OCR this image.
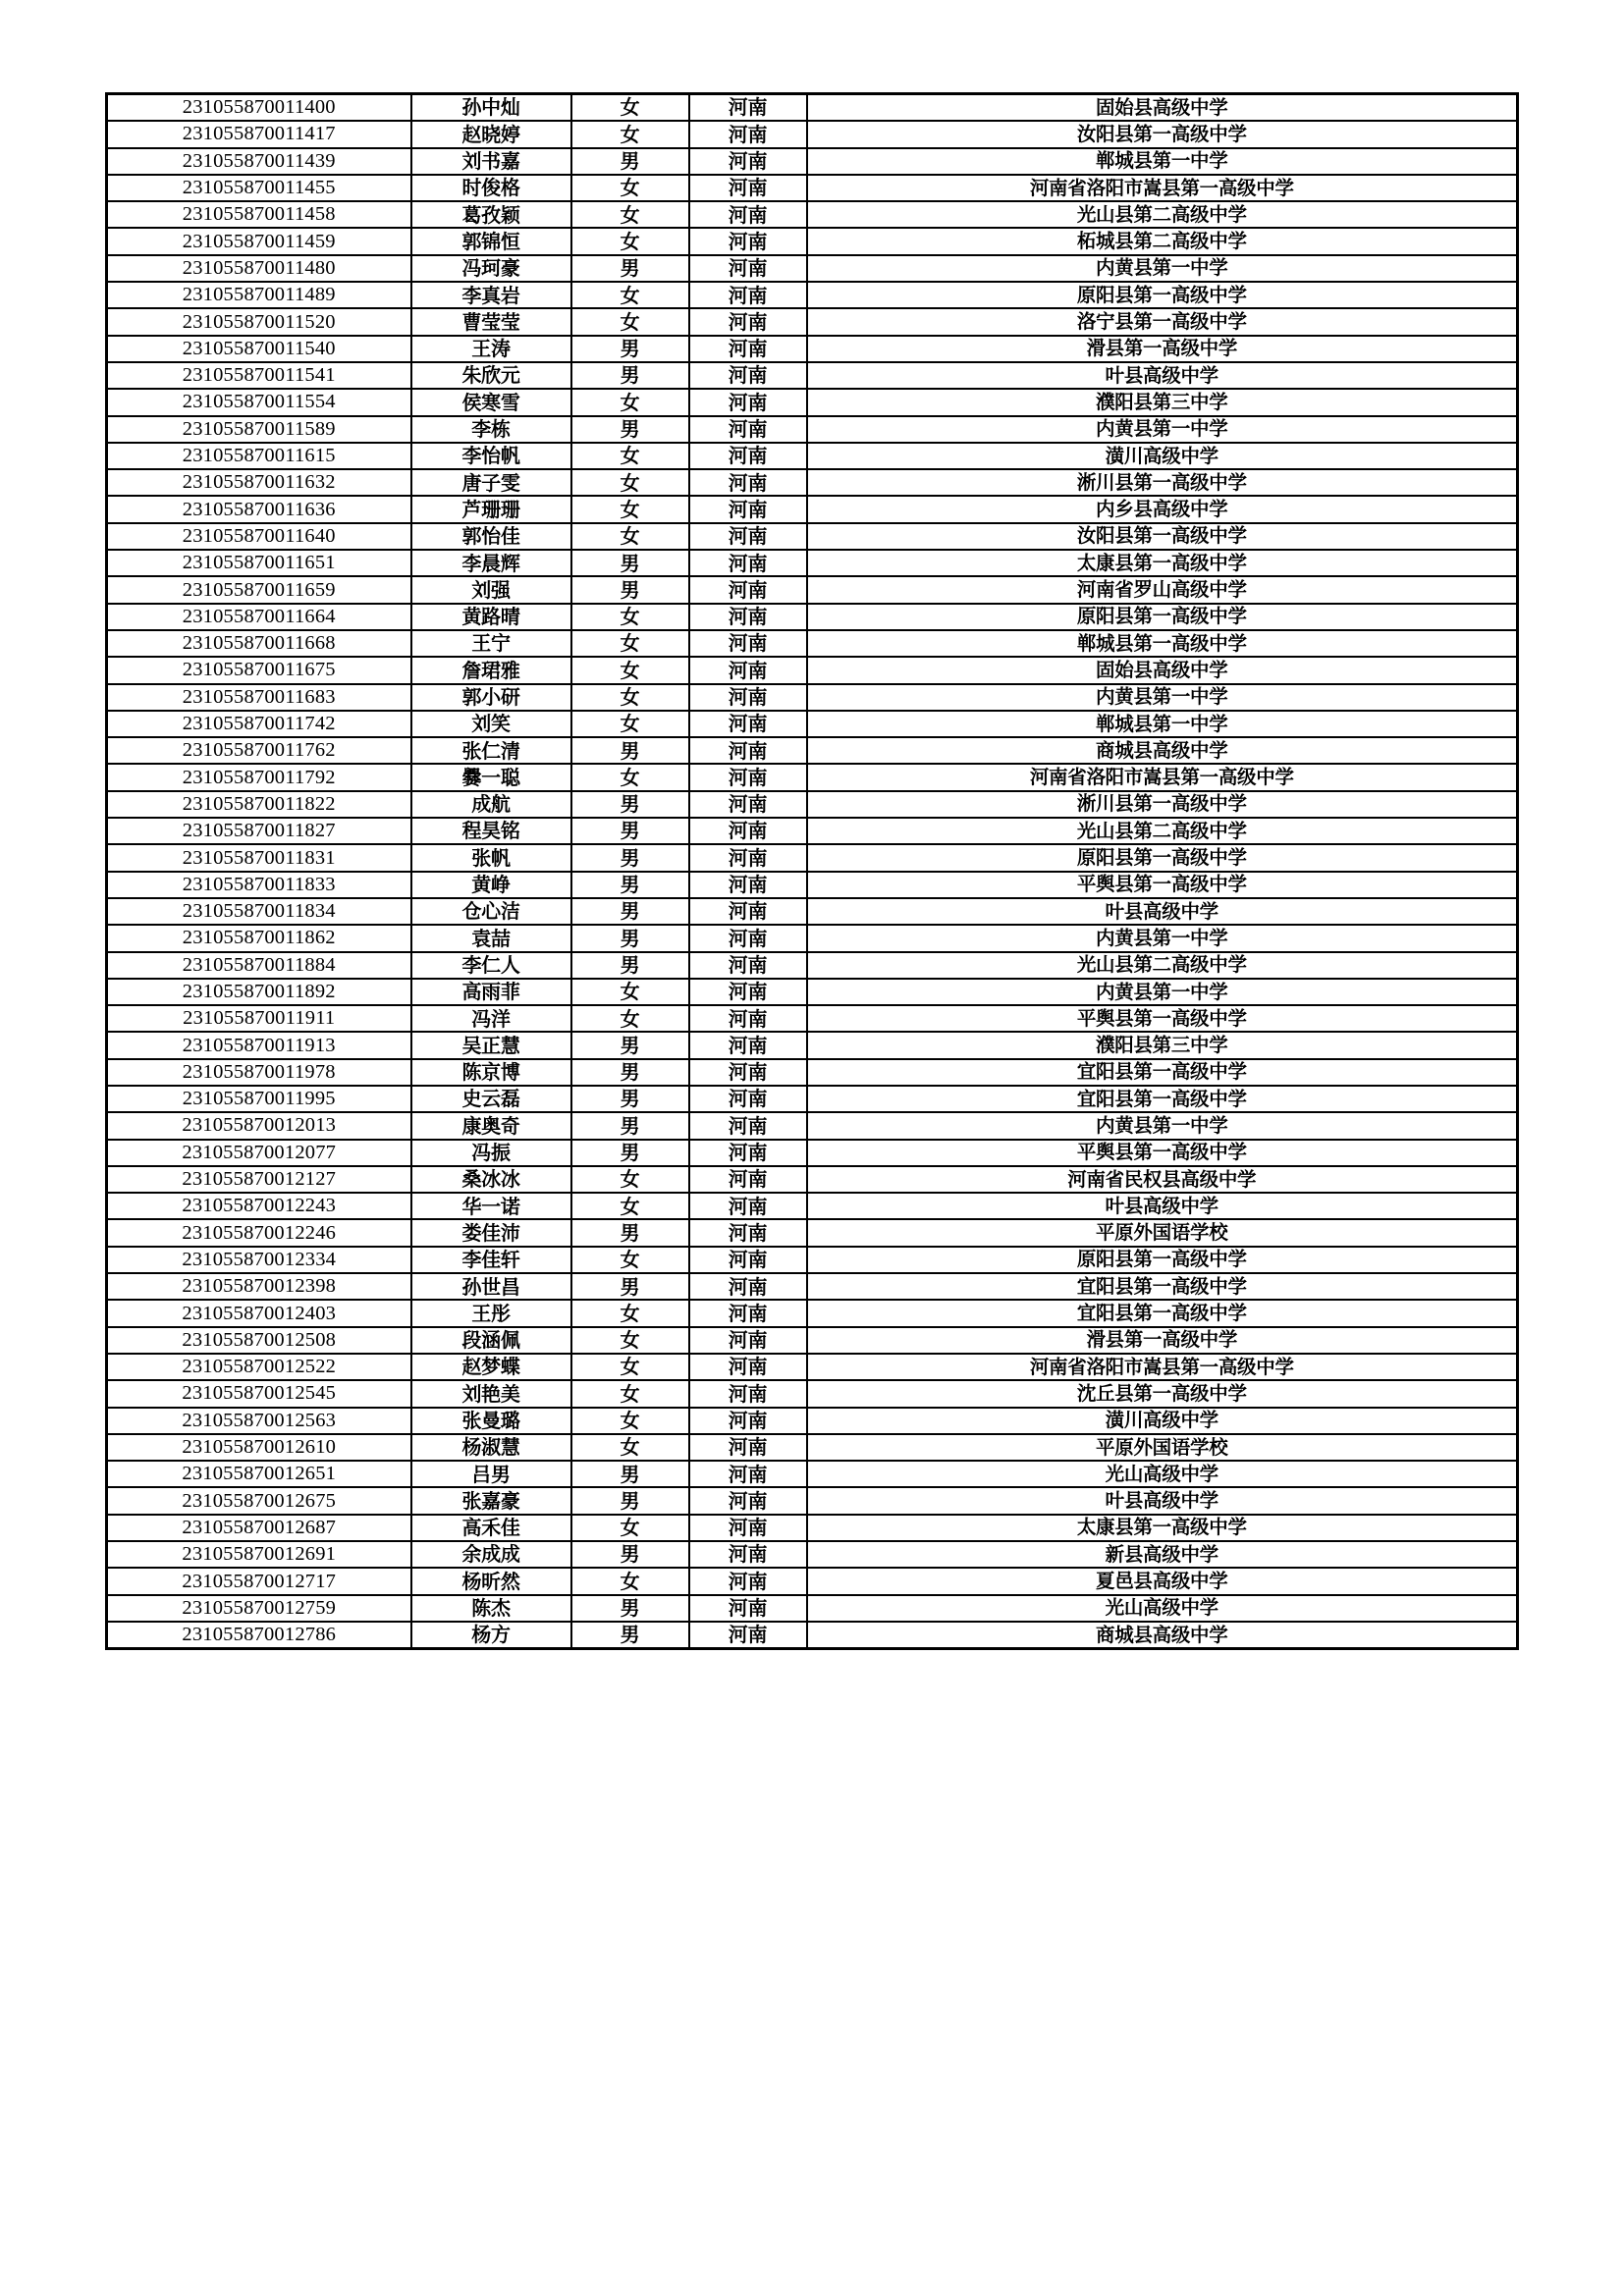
231055870011400	孙中灿	女	河南	固始县高级中学
231055870011417	赵晓婷	女	河南	汝阳县第一高级中学
231055870011439	刘书嘉	男	河南	郸城县第一中学
231055870011455	时俊格	女	河南	河南省洛阳市嵩县第一高级中学
231055870011458	葛孜颖	女	河南	光山县第二高级中学
231055870011459	郭锦恒	女	河南	柘城县第二高级中学
231055870011480	冯珂豪	男	河南	内黄县第一中学
231055870011489	李真岩	女	河南	原阳县第一高级中学
231055870011520	曹莹莹	女	河南	洛宁县第一高级中学
231055870011540	王涛	男	河南	滑县第一高级中学
231055870011541	朱欣元	男	河南	叶县高级中学
231055870011554	侯寒雪	女	河南	濮阳县第三中学
231055870011589	李栋	男	河南	内黄县第一中学
231055870011615	李怡帆	女	河南	潢川高级中学
231055870011632	唐子雯	女	河南	淅川县第一高级中学
231055870011636	芦珊珊	女	河南	内乡县高级中学
231055870011640	郭怡佳	女	河南	汝阳县第一高级中学
231055870011651	李晨辉	男	河南	太康县第一高级中学
231055870011659	刘强	男	河南	河南省罗山高级中学
231055870011664	黄路晴	女	河南	原阳县第一高级中学
231055870011668	王宁	女	河南	郸城县第一高级中学
231055870011675	詹珺雅	女	河南	固始县高级中学
231055870011683	郭小研	女	河南	内黄县第一中学
231055870011742	刘笑	女	河南	郸城县第一中学
231055870011762	张仁清	男	河南	商城县高级中学
231055870011792	爨一聪	女	河南	河南省洛阳市嵩县第一高级中学
231055870011822	成航	男	河南	淅川县第一高级中学
231055870011827	程昊铭	男	河南	光山县第二高级中学
231055870011831	张帆	男	河南	原阳县第一高级中学
231055870011833	黄峥	男	河南	平舆县第一高级中学
231055870011834	仓心洁	男	河南	叶县高级中学
231055870011862	袁喆	男	河南	内黄县第一中学
231055870011884	李仁人	男	河南	光山县第二高级中学
231055870011892	高雨菲	女	河南	内黄县第一中学
231055870011911	冯洋	女	河南	平舆县第一高级中学
231055870011913	吴正慧	男	河南	濮阳县第三中学
231055870011978	陈京博	男	河南	宜阳县第一高级中学
231055870011995	史云磊	男	河南	宜阳县第一高级中学
231055870012013	康奥奇	男	河南	内黄县第一中学
231055870012077	冯振	男	河南	平舆县第一高级中学
231055870012127	桑冰冰	女	河南	河南省民权县高级中学
231055870012243	华一诺	女	河南	叶县高级中学
231055870012246	娄佳沛	男	河南	平原外国语学校
231055870012334	李佳轩	女	河南	原阳县第一高级中学
231055870012398	孙世昌	男	河南	宜阳县第一高级中学
231055870012403	王彤	女	河南	宜阳县第一高级中学
231055870012508	段涵佩	女	河南	滑县第一高级中学
231055870012522	赵梦蝶	女	河南	河南省洛阳市嵩县第一高级中学
231055870012545	刘艳美	女	河南	沈丘县第一高级中学
231055870012563	张曼璐	女	河南	潢川高级中学
231055870012610	杨淑慧	女	河南	平原外国语学校
231055870012651	吕男	男	河南	光山高级中学
231055870012675	张嘉豪	男	河南	叶县高级中学
231055870012687	高禾佳	女	河南	太康县第一高级中学
231055870012691	余成成	男	河南	新县高级中学
231055870012717	杨昕然	女	河南	夏邑县高级中学
231055870012759	陈杰	男	河南	光山高级中学
231055870012786	杨方	男	河南	商城县高级中学
